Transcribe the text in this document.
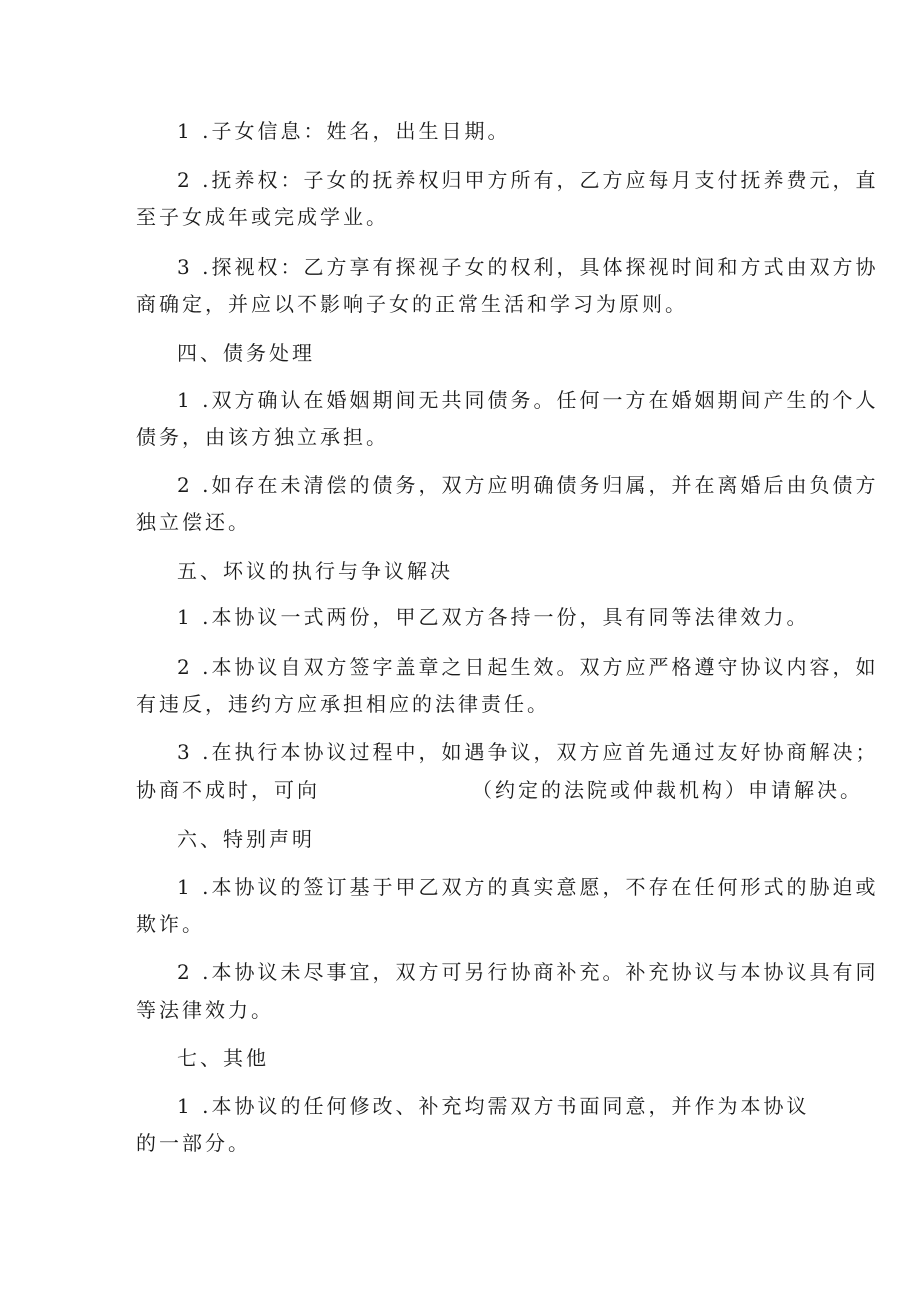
1 .子女信息：姓名，出生日期。

2 .抚养权：子女的抚养权归甲方所有，乙方应每月支付抚养费元，直

至子女成年或完成学业。

3 .探视权：乙方享有探视子女的权利，具体探视时间和方式由双方协

商确定，并应以不影响子女的正常生活和学习为原则。

四、债务处理

1 .双方确认在婚姻期间无共同债务。任何一方在婚姻期间产生的个人

债务，由该方独立承担。

2 .如存在未清偿的债务，双方应明确债务归属，并在离婚后由负债方

独立偿还。

五、坏议的执行与争议解决

1 .本协议一式两份，甲乙双方各持一份，具有同等法律效力。

2 .本协议自双方签字盖章之日起生效。双方应严格遵守协议内容，如

有违反，违约方应承担相应的法律责任。

3 .在执行本协议过程中，如遇争议，双方应首先通过友好协商解决；

协商不成时，可向	（约定的法院或仲裁机构）申请解决。

六、特别声明

1 .本协议的签订基于甲乙双方的真实意愿，不存在任何形式的胁迫或

欺诈。

2 .本协议未尽事宜，双方可另行协商补充。补充协议与本协议具有同

等法律效力。

七、其他

1 .本协议的任何修改、补充均需双方书面同意，并作为本协议

的一部分。
